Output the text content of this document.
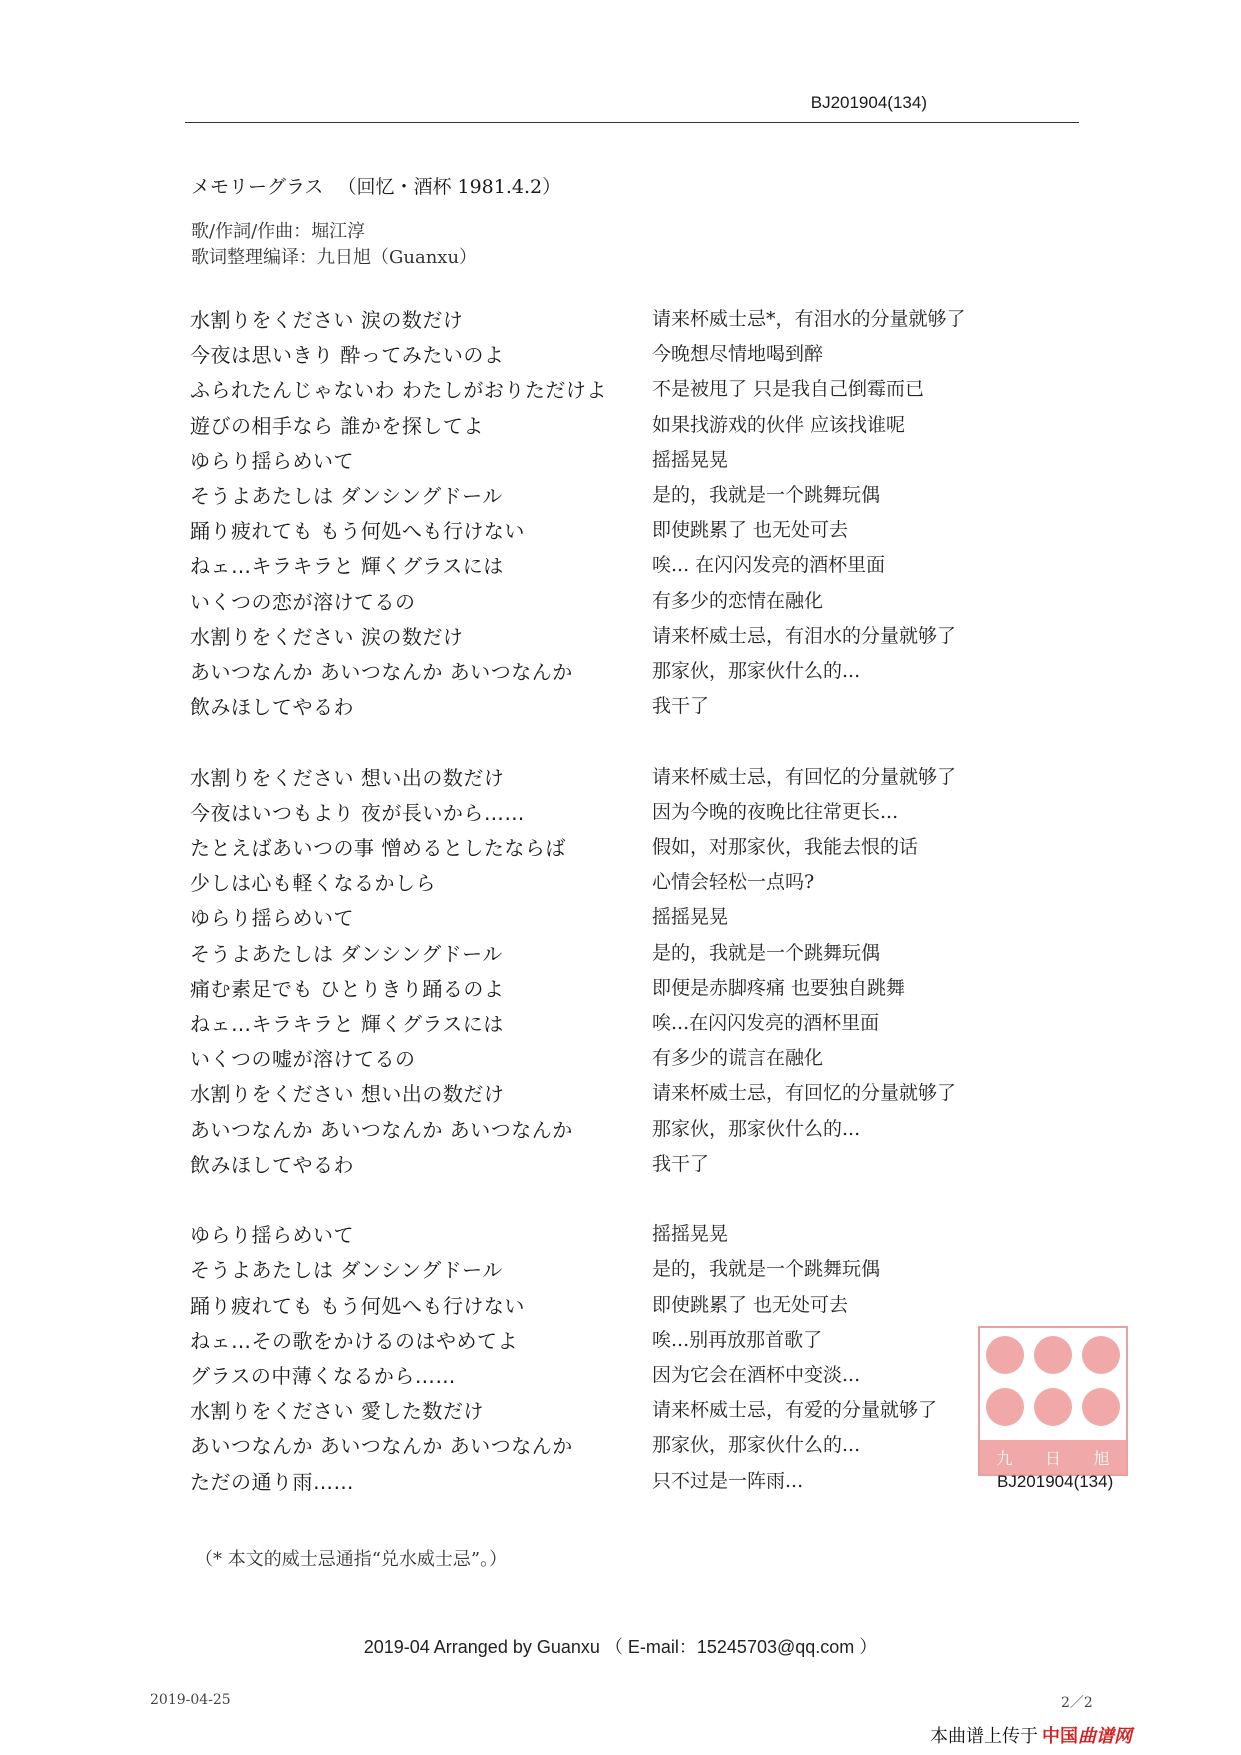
BJ201904(134)
メモリーグラス （回忆・酒杯 1981.4.2）
歌/作詞/作曲：堀江淳
歌词整理编译：九日旭（Guanxu）
水割りをください 涙の数だけ	请来杯威士忌*，有泪水的分量就够了
今夜は思いきり 酔ってみたいのよ	今晚想尽情地喝到醉
ふられたんじゃないわ わたしがおりただけよ 不是被甩了 只是我自己倒霉而已
遊びの相手なら 誰かを探してよ	如果找游戏的伙伴 应该找谁呢
ゆらり揺らめいて	摇摇晃晃
そうよあたしは ダンシングドール	是的，我就是一个跳舞玩偶
踊り疲れても もう何処へも行けない	即使跳累了 也无处可去
ねェ…キラキラと 輝くグラスには	唉... 在闪闪发亮的酒杯里面
いくつの恋が溶けてるの	有多少的恋情在融化
水割りをください 涙の数だけ	请来杯威士忌，有泪水的分量就够了
あいつなんか あいつなんか あいつなんか	那家伙，那家伙什么的...
飲みほしてやるわ	我干了
水割りをください 想い出の数だけ	请来杯威士忌，有回忆的分量就够了
今夜はいつもより 夜が長いから……	因为今晚的夜晚比往常更长...
たとえばあいつの事 憎めるとしたならば	假如，对那家伙，我能去恨的话
少しは心も軽くなるかしら	心情会轻松一点吗?
ゆらり揺らめいて	摇摇晃晃
そうよあたしは ダンシングドール	是的，我就是一个跳舞玩偶
痛む素足でも ひとりきり踊るのよ	即便是赤脚疼痛 也要独自跳舞
ねェ…キラキラと 輝くグラスには	唉...在闪闪发亮的酒杯里面
いくつの嘘が溶けてるの	有多少的谎言在融化
水割りをください 想い出の数だけ	请来杯威士忌，有回忆的分量就够了
あいつなんか あいつなんか あいつなんか	那家伙，那家伙什么的...
飲みほしてやるわ	我干了
ゆらり揺らめいて	摇摇晃晃
そうよあたしは ダンシングドール	是的，我就是一个跳舞玩偶
踊り疲れても もう何処へも行けない	即使跳累了 也无处可去
ねェ…その歌をかけるのはやめてよ	唉...别再放那首歌了
グラスの中薄くなるから……	因为它会在酒杯中变淡...
水割りをください 愛した数だけ	请来杯威士忌，有爱的分量就够了
あいつなんか あいつなんか あいつなんか	那家伙，那家伙什么的...
ただの通り雨……	只不过是一阵雨...
（* 本文的威士忌通指“兑水威士忌”。）
2019-04 Arranged by Guanxu （ E-mail：15245703@qq.com ）
2019-04-25	2／2
本曲谱上传于 中国曲谱网
九 日 旭
BJ201904(134)
